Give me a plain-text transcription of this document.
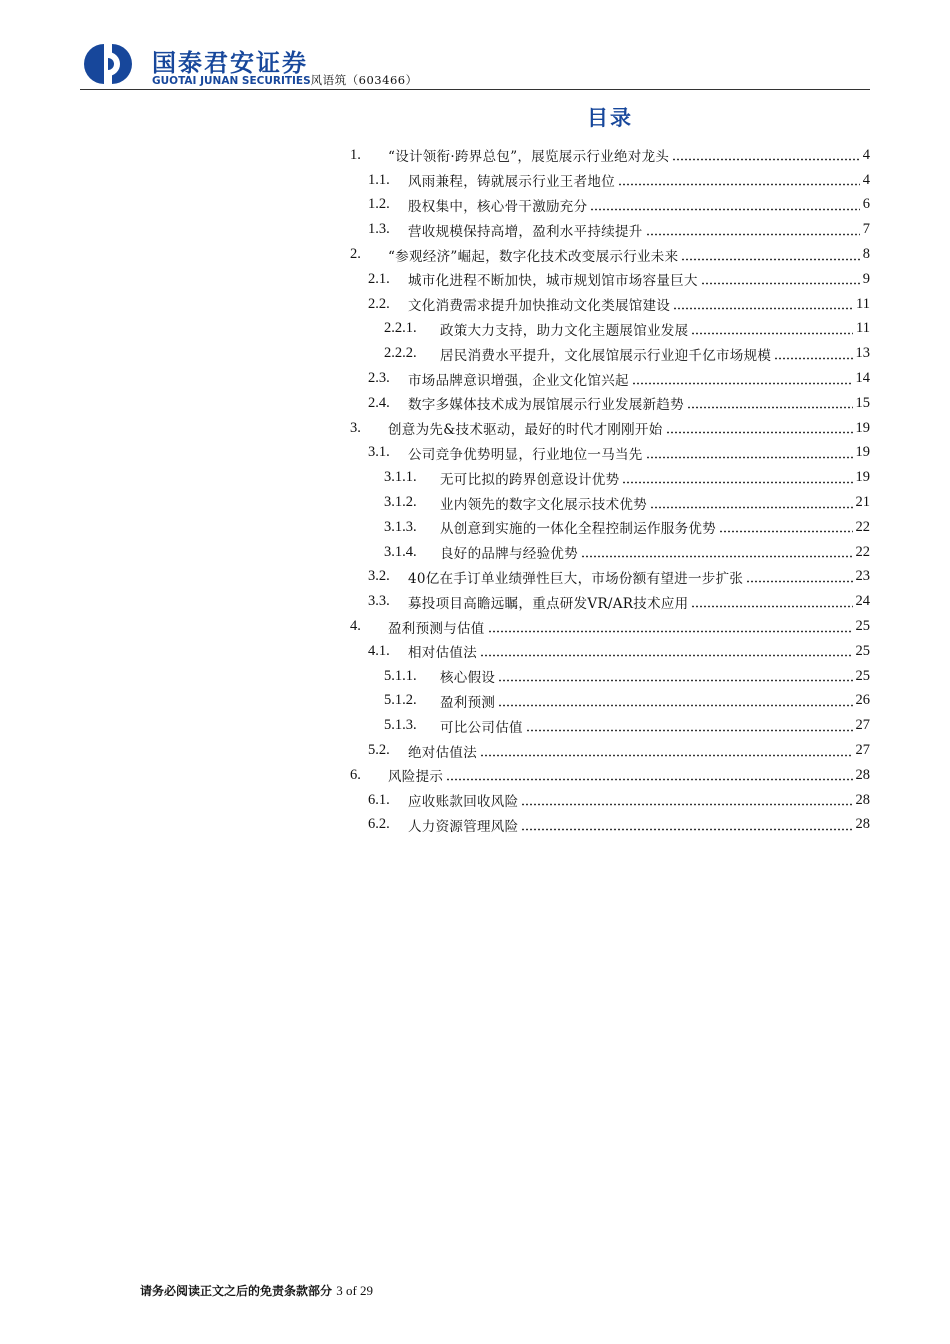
国泰君安证券
GUOTAI JUNAN SECURITIES风语筑（603466）
目录
1.	“设计领衔·跨界总包”，展览展示行业绝对龙头	4
1.1.	风雨兼程，铸就展示行业王者地位	4
1.2.	股权集中，核心骨干激励充分	6
1.3.	营收规模保持高增，盈利水平持续提升	7
2.	“参观经济”崛起，数字化技术改变展示行业未来	8
2.1.	城市化进程不断加快，城市规划馆市场容量巨大	9
2.2.	文化消费需求提升加快推动文化类展馆建设	11
2.2.1.	政策大力支持，助力文化主题展馆业发展	11
2.2.2.	居民消费水平提升，文化展馆展示行业迎千亿市场规模	13
2.3.	市场品牌意识增强，企业文化馆兴起	14
2.4.	数字多媒体技术成为展馆展示行业发展新趋势	15
3.	创意为先&技术驱动，最好的时代才刚刚开始	19
3.1.	公司竞争优势明显，行业地位一马当先	19
3.1.1.	无可比拟的跨界创意设计优势	19
3.1.2.	业内领先的数字文化展示技术优势	21
3.1.3.	从创意到实施的一体化全程控制运作服务优势	22
3.1.4.	良好的品牌与经验优势	22
3.2.	40亿在手订单业绩弹性巨大，市场份额有望进一步扩张	23
3.3.	募投项目高瞻远瞩，重点研发VR/AR技术应用	24
4.	盈利预测与估值	25
4.1.	相对估值法	25
5.1.1.	核心假设	25
5.1.2.	盈利预测	26
5.1.3.	可比公司估值	27
5.2.	绝对估值法	27
6.	风险提示	28
6.1.	应收账款回收风险	28
6.2.	人力资源管理风险	28
请务必阅读正文之后的免责条款部分 3 of 29
